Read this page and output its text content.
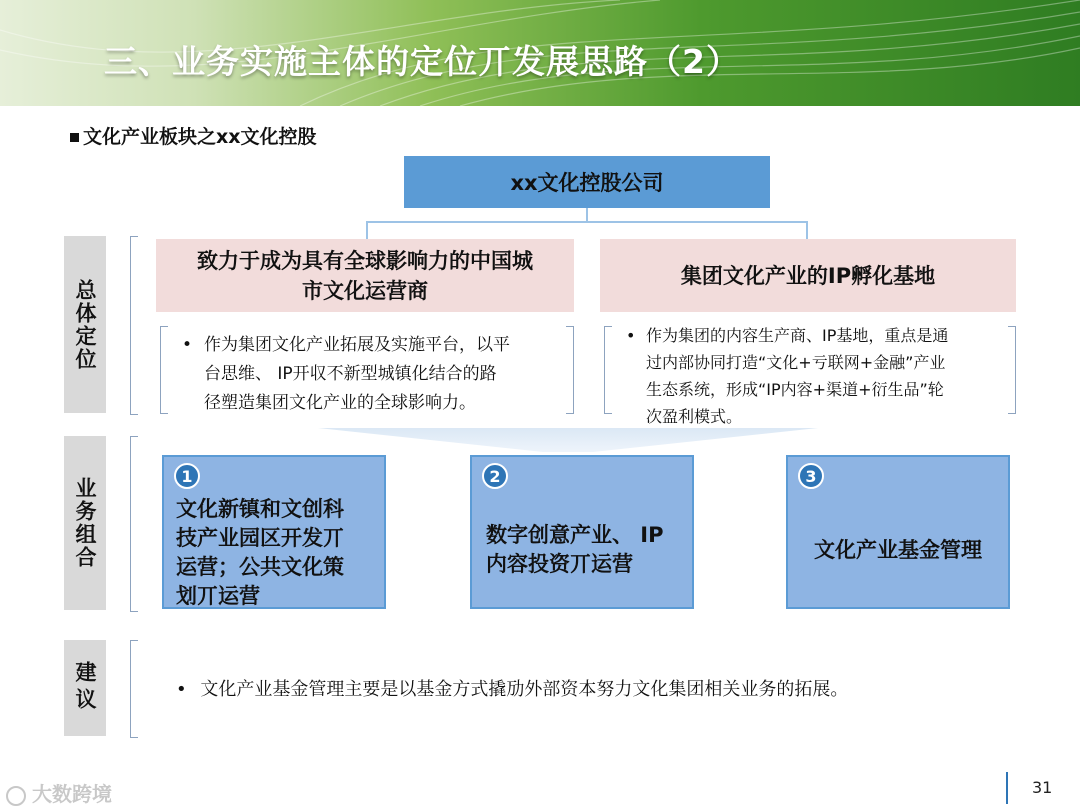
三、业务实施主体的定位丌发展思路（2）
文化产业板块之xx文化控股
xx文化控股公司
总体定位
业务组合
建议
致力于成为具有全球影响力的中国城
市文化运营商
• 作为集团文化产业拓展及实施平台，以平
台思维、 IP开収不新型城镇化结合的路
径塑造集团文化产业的全球影响力。
集团文化产业的IP孵化基地
• 作为集团的内容生产商、IP基地，重点是通
过内部协同打造“文化+亏联网+金融”产业
生态系统，形成“IP内容+渠道+衍生品”轮
次盈利模式。
1
文化新镇和文创科
技产业园区开发丌
运营；公共文化策
划丌运营
2
数字创意产业、 IP
内容投资丌运营
3
文化产业基金管理
• 文化产业基金管理主要是以基金方式撬劢外部资本努力文化集团相关业务的拓展。
大数跨境	31
